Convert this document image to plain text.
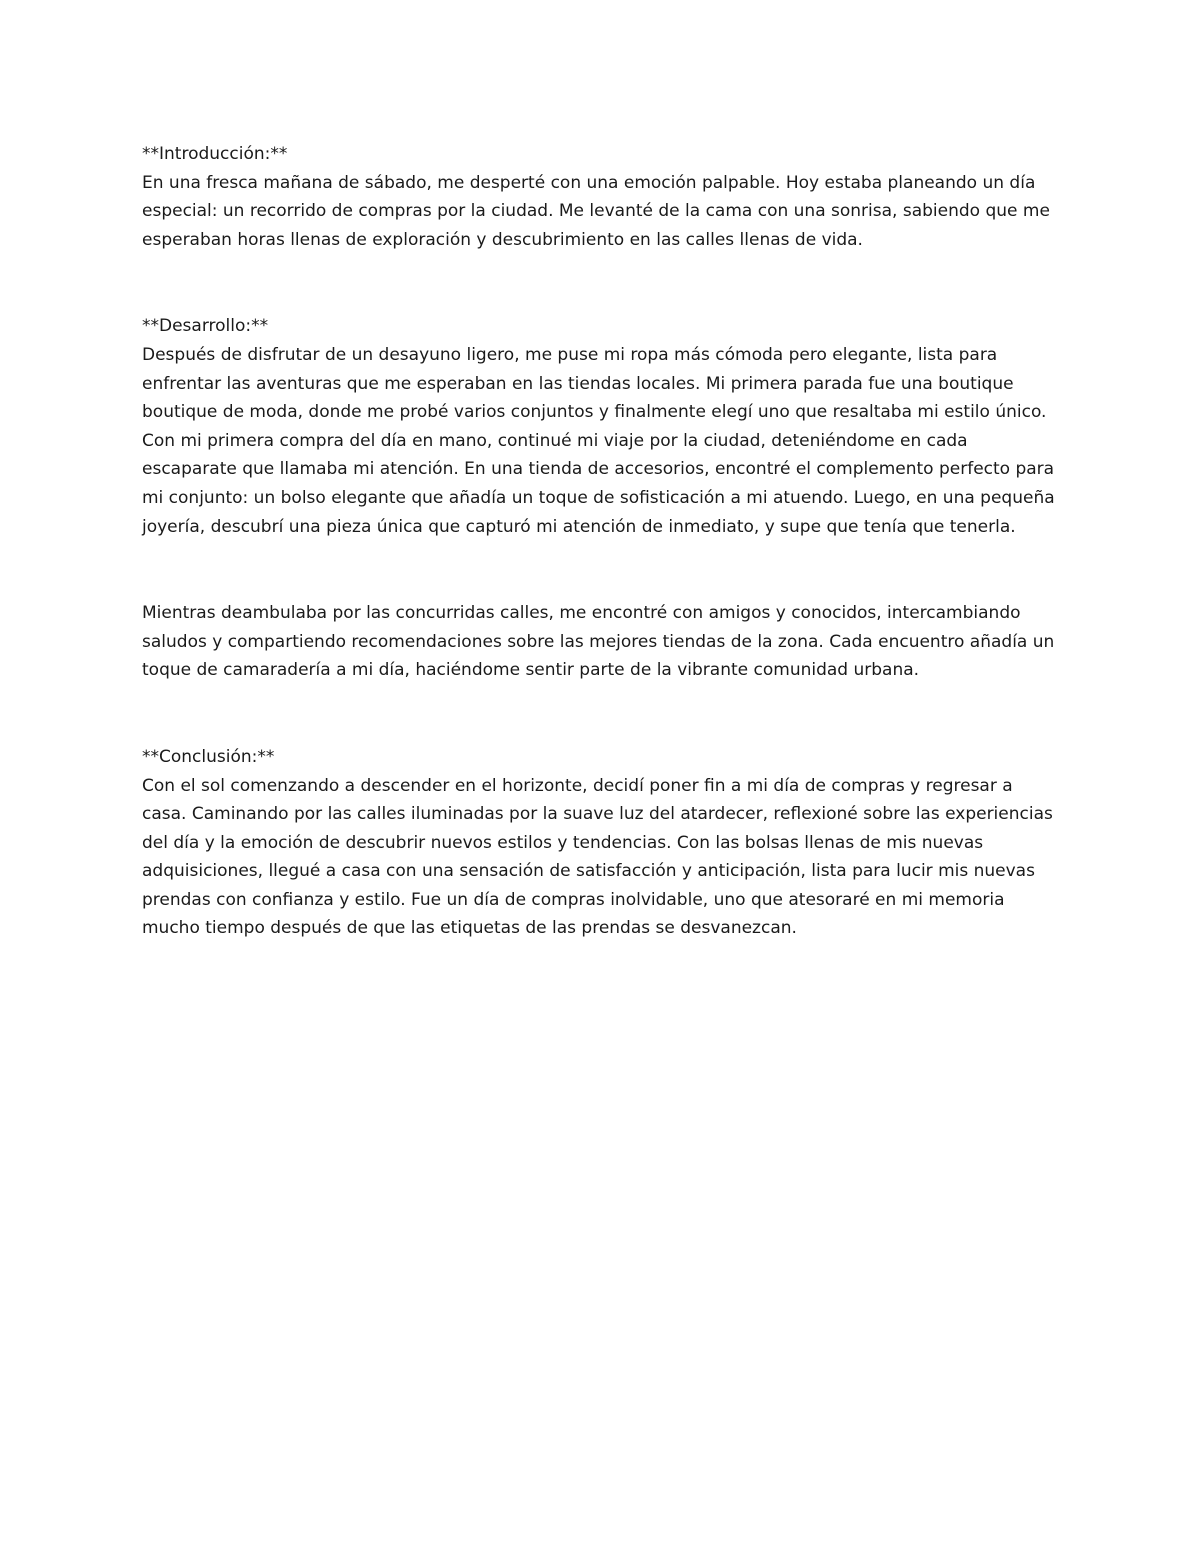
**Introducción:**

En una fresca mañana de sábado, me desperté con una emoción palpable. Hoy estaba planeando un día especial: un recorrido de compras por la ciudad. Me levanté de la cama con una sonrisa, sabiendo que me esperaban horas llenas de exploración y descubrimiento en las calles llenas de vida.

**Desarrollo:**

Después de disfrutar de un desayuno ligero, me puse mi ropa más cómoda pero elegante, lista para enfrentar las aventuras que me esperaban en las tiendas locales. Mi primera parada fue una boutique boutique de moda, donde me probé varios conjuntos y finalmente elegí uno que resaltaba mi estilo único. Con mi primera compra del día en mano, continué mi viaje por la ciudad, deteniéndome en cada escaparate que llamaba mi atención. En una tienda de accesorios, encontré el complemento perfecto para mi conjunto: un bolso elegante que añadía un toque de sofisticación a mi atuendo. Luego, en una pequeña joyería, descubrí una pieza única que capturó mi atención de inmediato, y supe que tenía que tenerla.

Mientras deambulaba por las concurridas calles, me encontré con amigos y conocidos, intercambiando saludos y compartiendo recomendaciones sobre las mejores tiendas de la zona. Cada encuentro añadía un toque de camaradería a mi día, haciéndome sentir parte de la vibrante comunidad urbana.

**Conclusión:**

Con el sol comenzando a descender en el horizonte, decidí poner fin a mi día de compras y regresar a casa. Caminando por las calles iluminadas por la suave luz del atardecer, reflexioné sobre las experiencias del día y la emoción de descubrir nuevos estilos y tendencias. Con las bolsas llenas de mis nuevas adquisiciones, llegué a casa con una sensación de satisfacción y anticipación, lista para lucir mis nuevas prendas con confianza y estilo. Fue un día de compras inolvidable, uno que atesoraré en mi memoria mucho tiempo después de que las etiquetas de las prendas se desvanezcan.
